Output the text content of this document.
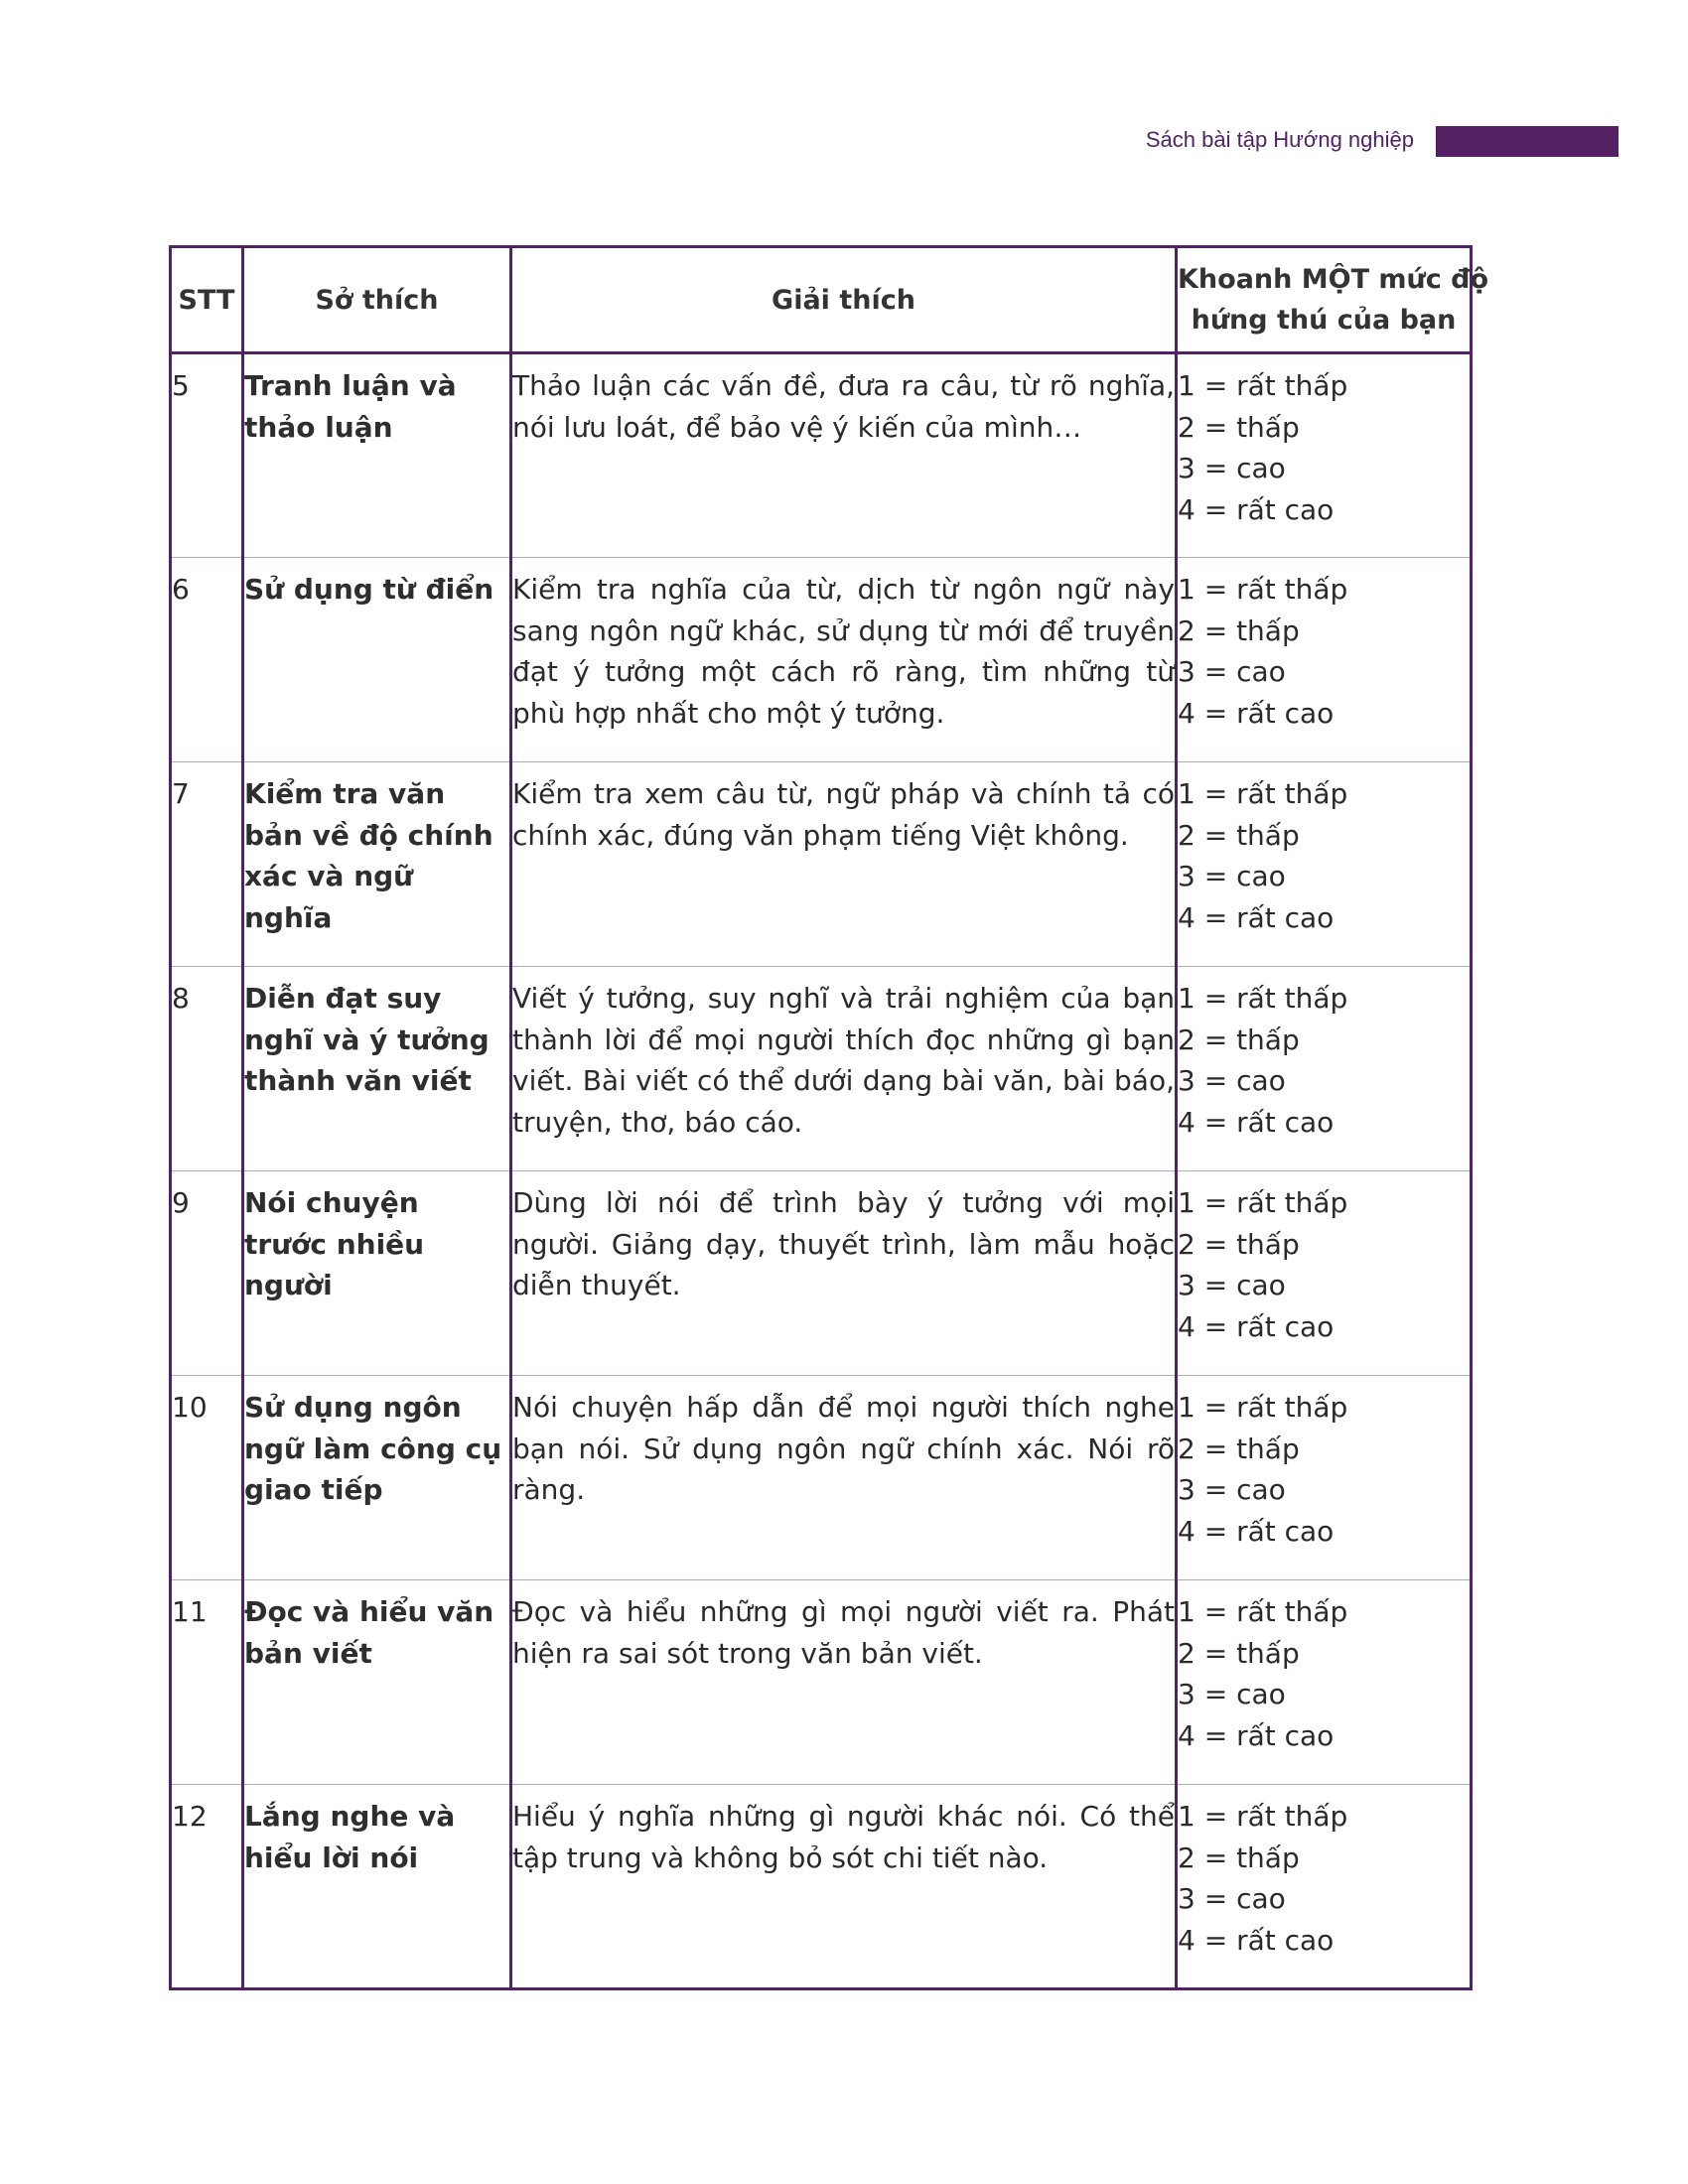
Sách bài tập Hướng nghiệp
STT	Sở thích	Giải thích	Khoanh MỘT mức độ
hứng thú của bạn

5	Tranh luận và thảo luận	Thảo luận các vấn đề, đưa ra câu, từ rõ nghĩa, nói lưu loát, để bảo vệ ý kiến của mình…	1 = rất thấp
2 = thấp
3 = cao
4 = rất cao

6	Sử dụng từ điển	Kiểm tra nghĩa của từ, dịch từ ngôn ngữ này sang ngôn ngữ khác, sử dụng từ mới để truyền đạt ý tưởng một cách rõ ràng, tìm những từ phù hợp nhất cho một ý tưởng.	1 = rất thấp
2 = thấp
3 = cao
4 = rất cao

7	Kiểm tra văn bản về độ chính xác và ngữ nghĩa	Kiểm tra xem câu từ, ngữ pháp và chính tả có chính xác, đúng văn phạm tiếng Việt không.	1 = rất thấp
2 = thấp
3 = cao
4 = rất cao

8	Diễn đạt suy nghĩ và ý tưởng thành văn viết	Viết ý tưởng, suy nghĩ và trải nghiệm của bạn thành lời để mọi người thích đọc những gì bạn viết. Bài viết có thể dưới dạng bài văn, bài báo, truyện, thơ, báo cáo.	1 = rất thấp
2 = thấp
3 = cao
4 = rất cao

9	Nói chuyện trước nhiều người	Dùng lời nói để trình bày ý tưởng với mọi người. Giảng dạy, thuyết trình, làm mẫu hoặc diễn thuyết.	1 = rất thấp
2 = thấp
3 = cao
4 = rất cao

10	Sử dụng ngôn ngữ làm công cụ giao tiếp	Nói chuyện hấp dẫn để mọi người thích nghe bạn nói. Sử dụng ngôn ngữ chính xác. Nói rõ ràng.	1 = rất thấp
2 = thấp
3 = cao
4 = rất cao

11	Đọc và hiểu văn bản viết	Đọc và hiểu những gì mọi người viết ra. Phát hiện ra sai sót trong văn bản viết.	1 = rất thấp
2 = thấp
3 = cao
4 = rất cao

12	Lắng nghe và hiểu lời nói	Hiểu ý nghĩa những gì người khác nói. Có thể tập trung và không bỏ sót chi tiết nào.	1 = rất thấp
2 = thấp
3 = cao
4 = rất cao
